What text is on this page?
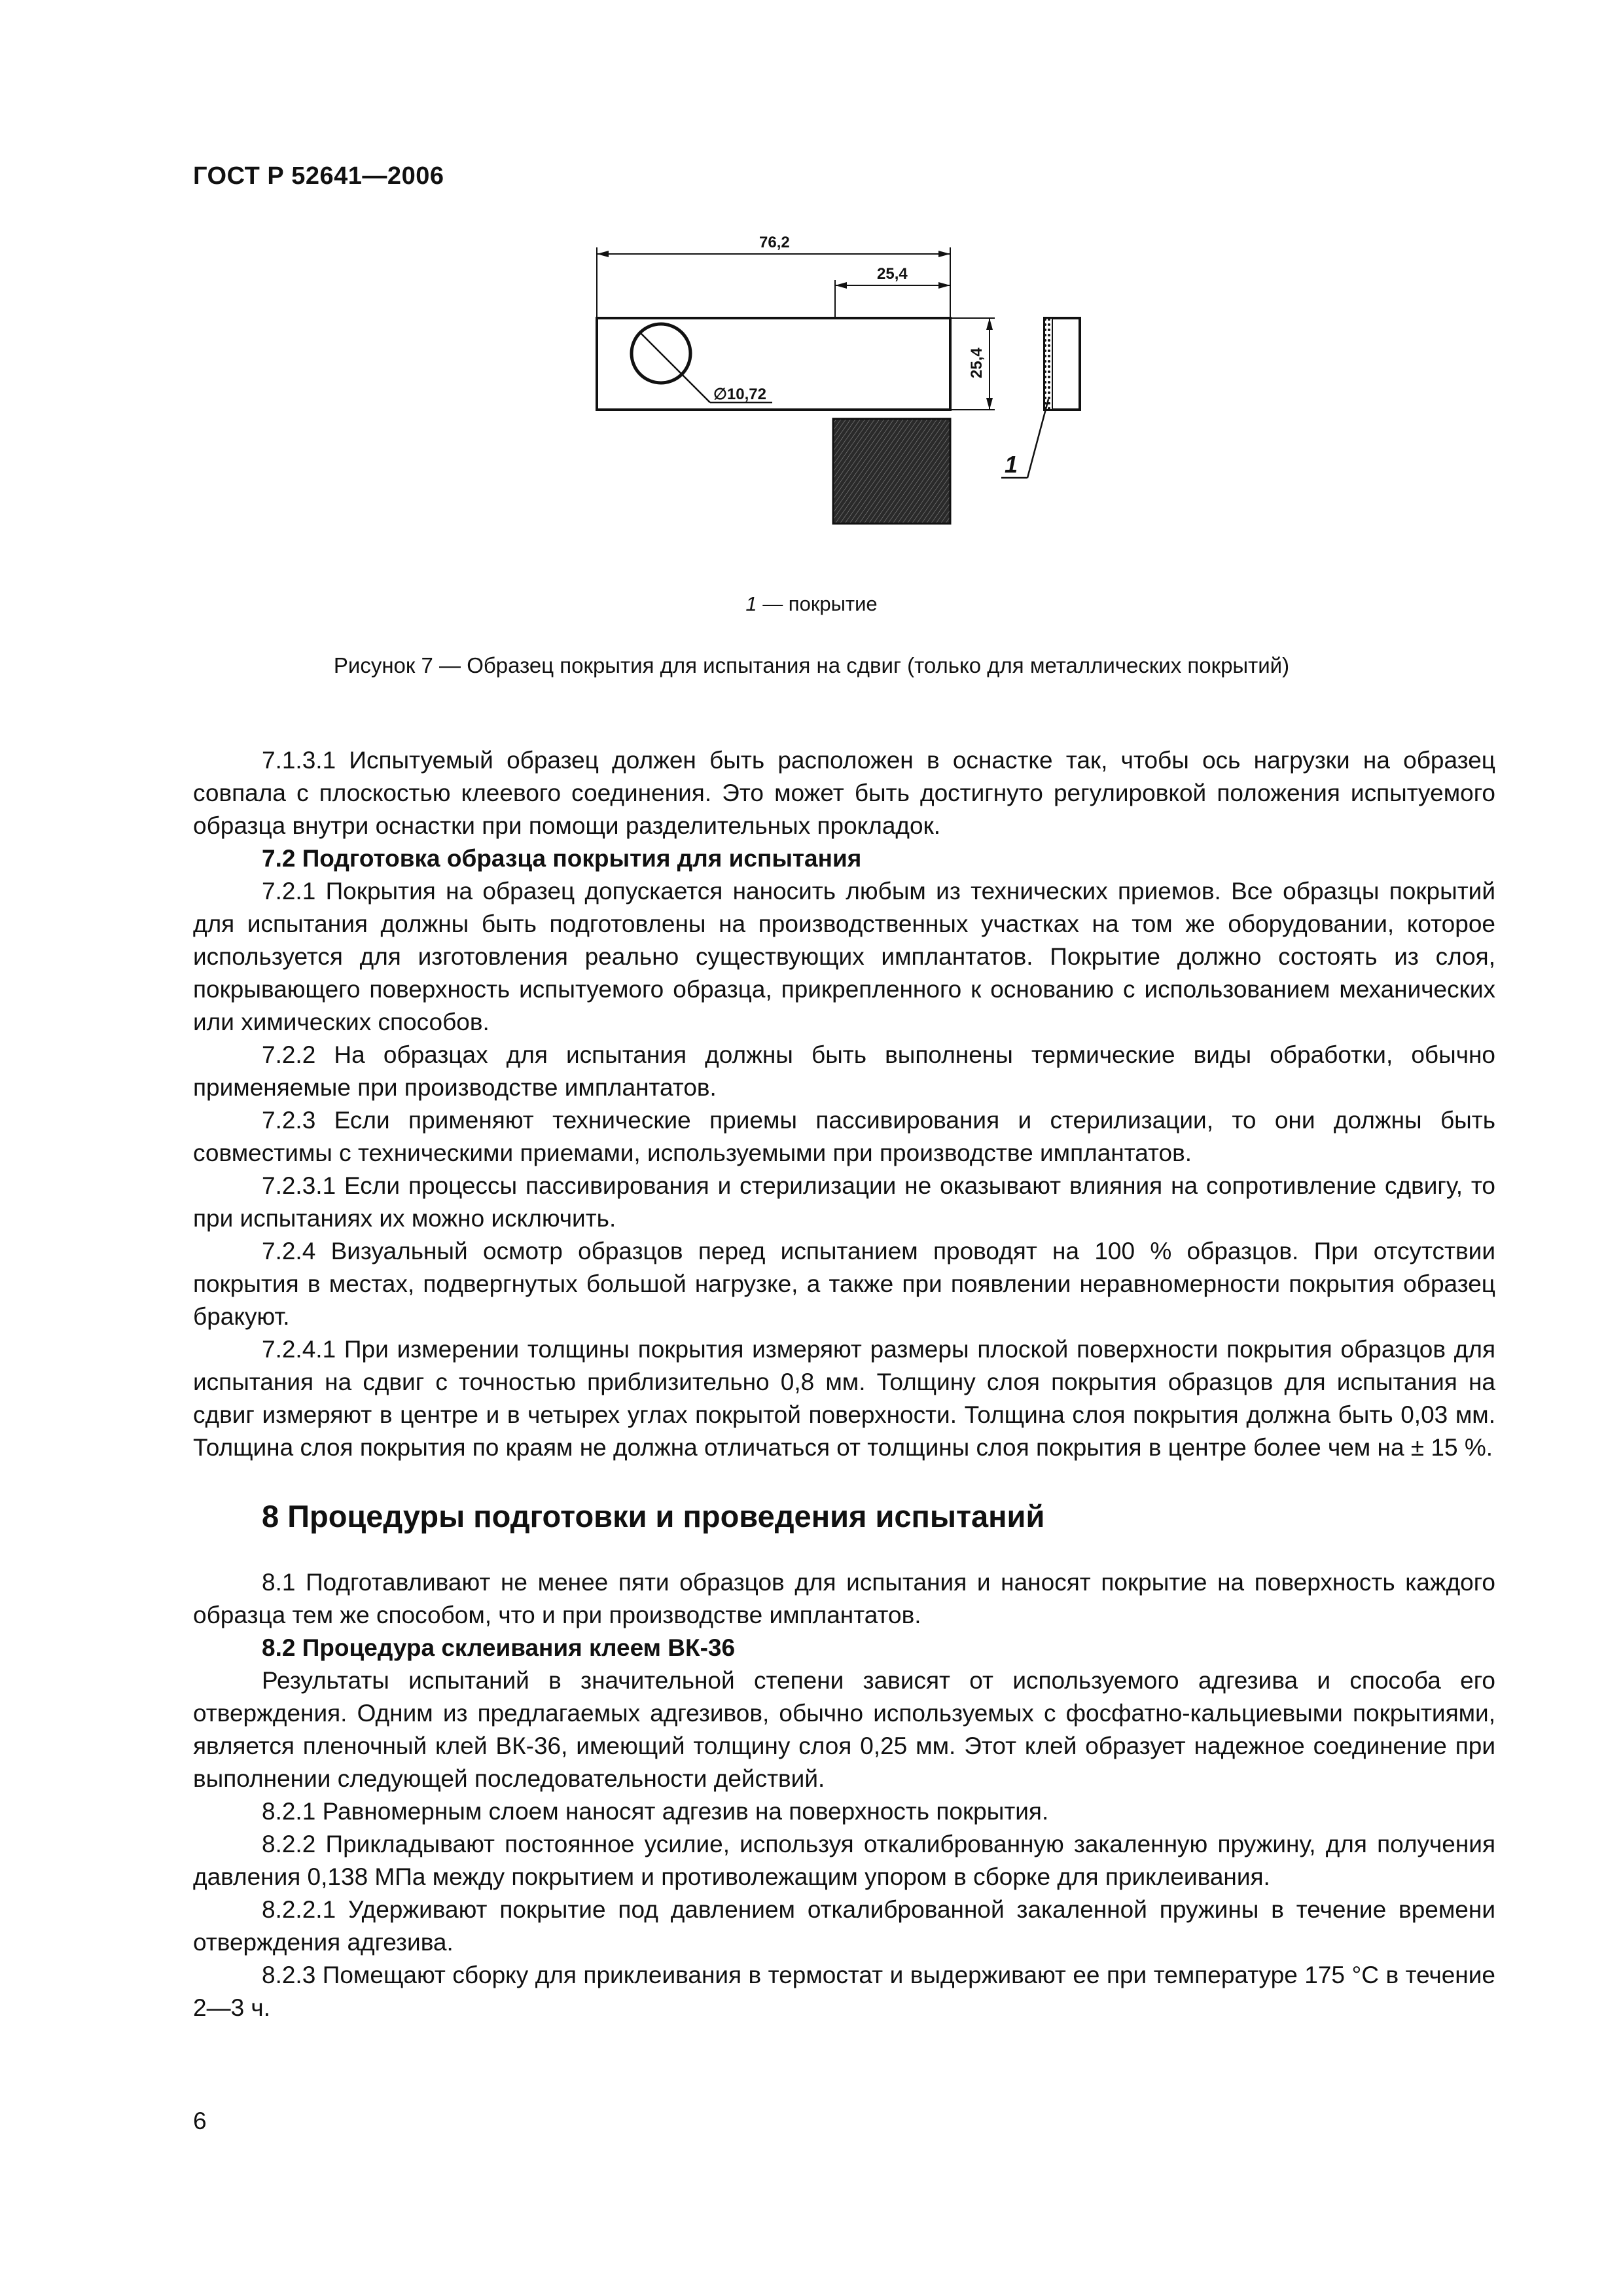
ГОСТ Р 52641—2006
∅10,72
76,2
25,4
25,4
1
1 — покрытие
Рисунок 7 — Образец покрытия для испытания на сдвиг (только для металлических покрытий)

7.1.3.1 Испытуемый образец должен быть расположен в оснастке так, чтобы ось нагрузки на образец совпала с плоскостью клеевого соединения. Это может быть достигнуто регулировкой положения испытуемого образца внутри оснастки при помощи разделительных прокладок.

7.2 Подготовка образца покрытия для испытания

7.2.1 Покрытия на образец допускается наносить любым из технических приемов. Все образцы покрытий для испытания должны быть подготовлены на производственных участках на том же оборудовании, которое используется для изготовления реально существующих имплантатов. Покрытие должно состоять из слоя, покрывающего поверхность испытуемого образца, прикрепленного к основанию с использованием механических или химических способов.

7.2.2 На образцах для испытания должны быть выполнены термические виды обработки, обычно применяемые при производстве имплантатов.

7.2.3 Если применяют технические приемы пассивирования и стерилизации, то они должны быть совместимы с техническими приемами, используемыми при производстве имплантатов.

7.2.3.1 Если процессы пассивирования и стерилизации не оказывают влияния на сопротивление сдвигу, то при испытаниях их можно исключить.

7.2.4 Визуальный осмотр образцов перед испытанием проводят на 100 % образцов. При отсутствии покрытия в местах, подвергнутых большой нагрузке, а также при появлении неравномерности покрытия образец бракуют.

7.2.4.1 При измерении толщины покрытия измеряют размеры плоской поверхности покрытия образцов для испытания на сдвиг с точностью приблизительно 0,8 мм. Толщину слоя покрытия образцов для испытания на сдвиг измеряют в центре и в четырех углах покрытой поверхности. Толщина слоя покрытия должна быть 0,03 мм. Толщина слоя покрытия по краям не должна отличаться от толщины слоя покрытия в центре более чем на ± 15 %.

8 Процедуры подготовки и проведения испытаний

8.1 Подготавливают не менее пяти образцов для испытания и наносят покрытие на поверхность каждого образца тем же способом, что и при производстве имплантатов.

8.2 Процедура склеивания клеем ВК-36

Результаты испытаний в значительной степени зависят от используемого адгезива и способа его отверждения. Одним из предлагаемых адгезивов, обычно используемых с фосфатно-кальциевыми покрытиями, является пленочный клей ВК-36, имеющий толщину слоя 0,25 мм. Этот клей образует надежное соединение при выполнении следующей последовательности действий.

8.2.1 Равномерным слоем наносят адгезив на поверхность покрытия.

8.2.2 Прикладывают постоянное усилие, используя откалиброванную закаленную пружину, для получения давления 0,138 МПа между покрытием и противолежащим упором в сборке для приклеивания.

8.2.2.1 Удерживают покрытие под давлением откалиброванной закаленной пружины в течение времени отверждения адгезива.

8.2.3 Помещают сборку для приклеивания в термостат и выдерживают ее при температуре 175 °С в течение 2—3 ч.

6
